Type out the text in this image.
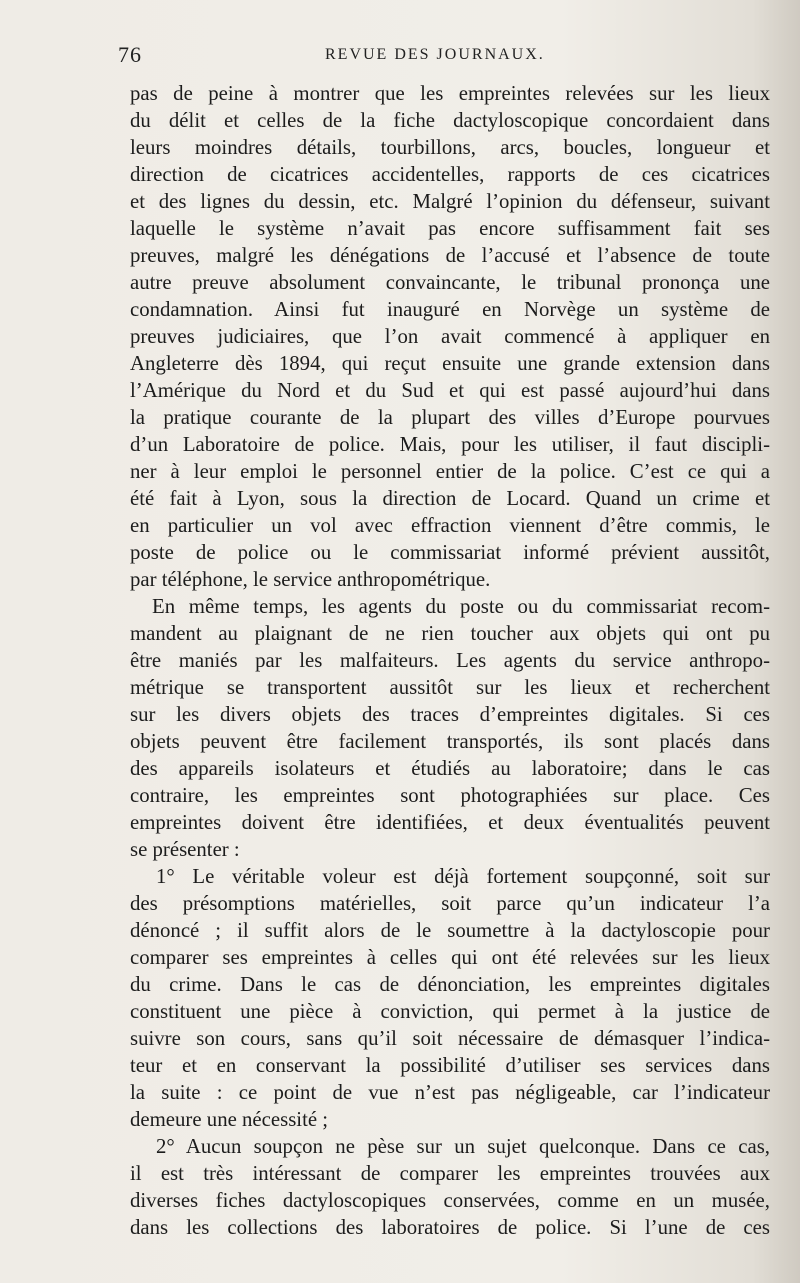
76	REVUE DES JOURNAUX.
pas de peine à montrer que les empreintes relevées sur les lieux
du délit et celles de la fiche dactyloscopique concordaient dans
leurs moindres détails, tourbillons, arcs, boucles, longueur et
direction de cicatrices accidentelles, rapports de ces cicatrices
et des lignes du dessin, etc. Malgré l’opinion du défenseur, suivant
laquelle le système n’avait pas encore suffisamment fait ses
preuves, malgré les dénégations de l’accusé et l’absence de toute
autre preuve absolument convaincante, le tribunal prononça une
condamnation. Ainsi fut inauguré en Norvège un système de
preuves judiciaires, que l’on avait commencé à appliquer en
Angleterre dès 1894, qui reçut ensuite une grande extension dans
l’Amérique du Nord et du Sud et qui est passé aujourd’hui dans
la pratique courante de la plupart des villes d’Europe pourvues
d’un Laboratoire de police. Mais, pour les utiliser, il faut discipli-
ner à leur emploi le personnel entier de la police. C’est ce qui a
été fait à Lyon, sous la direction de Locard. Quand un crime et
en particulier un vol avec effraction viennent d’être commis, le
poste de police ou le commissariat informé prévient aussitôt,
par téléphone, le service anthropométrique.
En même temps, les agents du poste ou du commissariat recom-
mandent au plaignant de ne rien toucher aux objets qui ont pu
être maniés par les malfaiteurs. Les agents du service anthropo-
métrique se transportent aussitôt sur les lieux et recherchent
sur les divers objets des traces d’empreintes digitales. Si ces
objets peuvent être facilement transportés, ils sont placés dans
des appareils isolateurs et étudiés au laboratoire; dans le cas
contraire, les empreintes sont photographiées sur place. Ces
empreintes doivent être identifiées, et deux éventualités peuvent
se présenter :
1° Le véritable voleur est déjà fortement soupçonné, soit sur
des présomptions matérielles, soit parce qu’un indicateur l’a
dénoncé ; il suffit alors de le soumettre à la dactyloscopie pour
comparer ses empreintes à celles qui ont été relevées sur les lieux
du crime. Dans le cas de dénonciation, les empreintes digitales
constituent une pièce à conviction, qui permet à la justice de
suivre son cours, sans qu’il soit nécessaire de démasquer l’indica-
teur et en conservant la possibilité d’utiliser ses services dans
la suite : ce point de vue n’est pas négligeable, car l’indicateur
demeure une nécessité ;
2° Aucun soupçon ne pèse sur un sujet quelconque. Dans ce cas,
il est très intéressant de comparer les empreintes trouvées aux
diverses fiches dactyloscopiques conservées, comme en un musée,
dans les collections des laboratoires de police. Si l’une de ces
